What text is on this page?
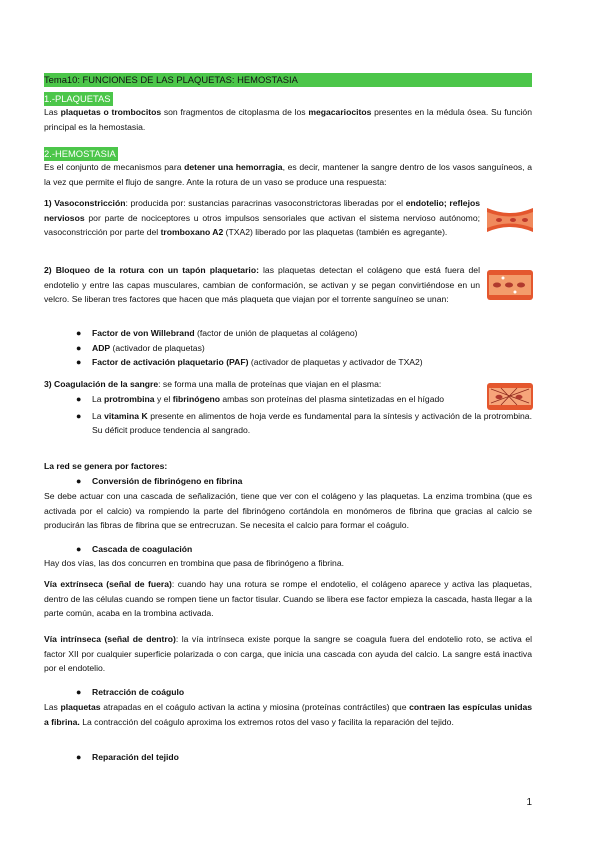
Tema10: FUNCIONES DE LAS PLAQUETAS: HEMOSTASIA
1.-PLAQUETAS

Las plaquetas o trombocitos son fragmentos de citoplasma de los megacariocitos presentes en la médula ósea. Su función principal es la hemostasia.

2.-HEMOSTASIA

Es el conjunto de mecanismos para detener una hemorragia, es decir, mantener la sangre dentro de los vasos sanguíneos, a la vez que permite el flujo de sangre. Ante la rotura de un vaso se produce una respuesta:

1) Vasoconstricción: producida por: sustancias paracrinas vasoconstrictoras liberadas por el endotelio; reflejos nerviosos por parte de nociceptores u otros impulsos sensoriales que activan el sistema nervioso autónomo; vasoconstricción por parte del tromboxano A2 (TXA2) liberado por las plaquetas (también es agregante).

2) Bloqueo de la rotura con un tapón plaquetario: las plaquetas detectan el colágeno que está fuera del endotelio y entre las capas musculares, cambian de conformación, se activan y se pegan convirtiéndose en un velcro. Se liberan tres factores que hacen que más plaqueta que viajan por el torrente sanguíneo se unan:

● Factor de von Willebrand (factor de unión de plaquetas al colágeno)
● ADP (activador de plaquetas)
● Factor de activación plaquetario (PAF) (activador de plaquetas y activador de TXA2)

3) Coagulación de la sangre: se forma una malla de proteínas que viajan en el plasma:

● La protrombina y el fibrinógeno ambas son proteínas del plasma sintetizadas en el hígado
● La vitamina K presente en alimentos de hoja verde es fundamental para la síntesis y activación de la protrombina. Su déficit produce tendencia al sangrado.

La red se genera por factores:

● Conversión de fibrinógeno en fibrina

Se debe actuar con una cascada de señalización, tiene que ver con el colágeno y las plaquetas. La enzima trombina (que es activada por el calcio) va rompiendo la parte del fibrinógeno cortándola en monómeros de fibrina que gracias al calcio se producirán las fibras de fibrina que se entrecruzan. Se necesita el calcio para formar el coágulo.

● Cascada de coagulación

Hay dos vías, las dos concurren en trombina que pasa de fibrinógeno a fibrina.

Vía extrínseca (señal de fuera): cuando hay una rotura se rompe el endotelio, el colágeno aparece y activa las plaquetas, dentro de las células cuando se rompen tiene un factor tisular. Cuando se libera ese factor empieza la cascada, hasta llegar a la parte común, acaba en la trombina activada.

Vía intrínseca (señal de dentro): la vía intrínseca existe porque la sangre se coagula fuera del endotelio roto, se activa el factor XII por cualquier superficie polarizada o con carga, que inicia una cascada con ayuda del calcio. La sangre está inactiva por el endotelio.

● Retracción de coágulo

Las plaquetas atrapadas en el coágulo activan la actina y miosina (proteínas contráctiles) que contraen las espículas unidas a fibrina. La contracción del coágulo aproxima los extremos rotos del vaso y facilita la reparación del tejido.

● Reparación del tejido
1
